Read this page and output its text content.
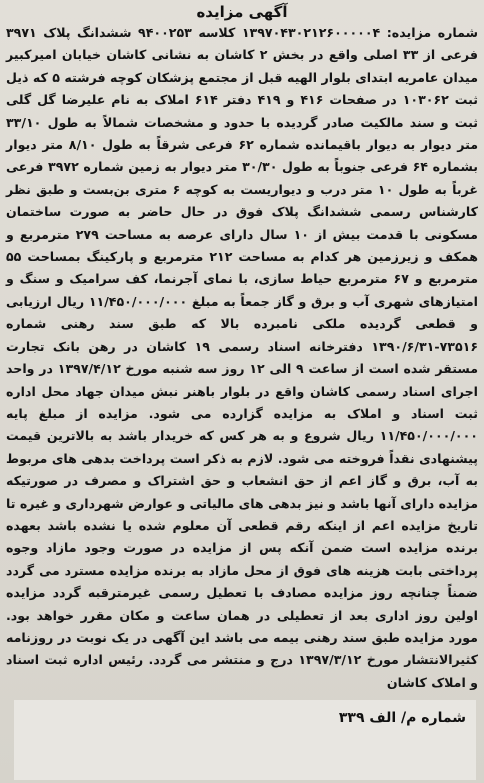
آگهی مزایده
شماره مزایده: ۱۳۹۷۰۴۳۰۲۱۲۶۰۰۰۰۰۴ کلاسه ۹۴۰۰۲۵۳ ششدانگ پلاک ۳۹۷۱ فرعی از ۳۳ اصلی واقع در بخش ۲ کاشان به نشانی کاشان خیابان امیرکبیر میدان عامریه ابتدای بلوار الهیه قبل از مجتمع پزشکان کوچه فرشته ۵ که ذیل ثبت ۱۰۳۰۶۲ در صفحات ۴۱۶ و ۴۱۹ دفتر ۶۱۴ املاک به نام علیرضا گل گلی ثبت و سند مالکیت صادر گردیده با حدود و مشخصات شمالاً به طول ۳۳/۱۰ متر دیوار به دیوار باقیمانده شماره ۶۲ فرعی شرقاً به طول ۸/۱۰ متر دیوار بشماره ۶۴ فرعی جنوباً به طول ۳۰/۳۰ متر دیوار به زمین شماره ۳۹۷۲ فرعی غرباً به طول ۱۰ متر درب و دیواریست به کوچه ۶ متری بن‌بست و طبق نظر کارشناس رسمی ششدانگ پلاک فوق در حال حاضر به صورت ساختمان مسکونی با قدمت بیش از ۱۰ سال دارای عرصه به مساحت ۲۷۹ مترمربع و همکف و زیرزمین هر کدام به مساحت ۲۱۲ مترمربع و پارکینگ بمساحت ۵۵ مترمربع و ۶۷ مترمربع حیاط سازی، با نمای آجرنما، کف سرامیک و سنگ و امتیازهای شهری آب و برق و گاز جمعاً به مبلغ ۱۱/۴۵۰/۰۰۰/۰۰۰ ریال ارزیابی و قطعی گردیده ملکی نامبرده بالا که طبق سند رهنی شماره ۷۳۵۱۶-۱۳۹۰/۶/۳۱ دفترخانه اسناد رسمی ۱۹ کاشان در رهن بانک تجارت مستقر شده است از ساعت ۹ الی ۱۲ روز سه شنبه مورخ ۱۳۹۷/۴/۱۲ در واحد اجرای اسناد رسمی کاشان واقع در بلوار باهنر نبش میدان جهاد محل اداره ثبت اسناد و املاک به مزایده گزارده می شود. مزایده از مبلغ پایه ۱۱/۴۵۰/۰۰۰/۰۰۰ ریال شروع و به هر کس که خریدار باشد به بالاترین قیمت پیشنهادی نقداً فروخته می شود. لازم به ذکر است پرداخت بدهی های مربوط به آب، برق و گاز اعم از حق انشعاب و حق اشتراک و مصرف در صورتیکه مزایده دارای آنها باشد و نیز بدهی های مالیاتی و عوارض شهرداری و غیره تا تاریخ مزایده اعم از اینکه رقم قطعی آن معلوم شده یا نشده باشد بعهده برنده مزایده است ضمن آنکه پس از مزایده در صورت وجود مازاد وجوه پرداختی بابت هزینه های فوق از محل مازاد به برنده مزایده مسترد می گردد ضمناً چنانچه روز مزایده مصادف با تعطیل رسمی غیرمترقبه گردد مزایده اولین روز اداری بعد از تعطیلی در همان ساعت و مکان مقرر خواهد بود. مورد مزایده طبق سند رهنی بیمه می باشد این آگهی در یک نوبت در روزنامه کثیرالانتشار مورخ ۱۳۹۷/۳/۱۲ درج و منتشر می گردد. رئیس اداره ثبت اسناد و املاک کاشان
شماره م/ الف ۳۳۹
